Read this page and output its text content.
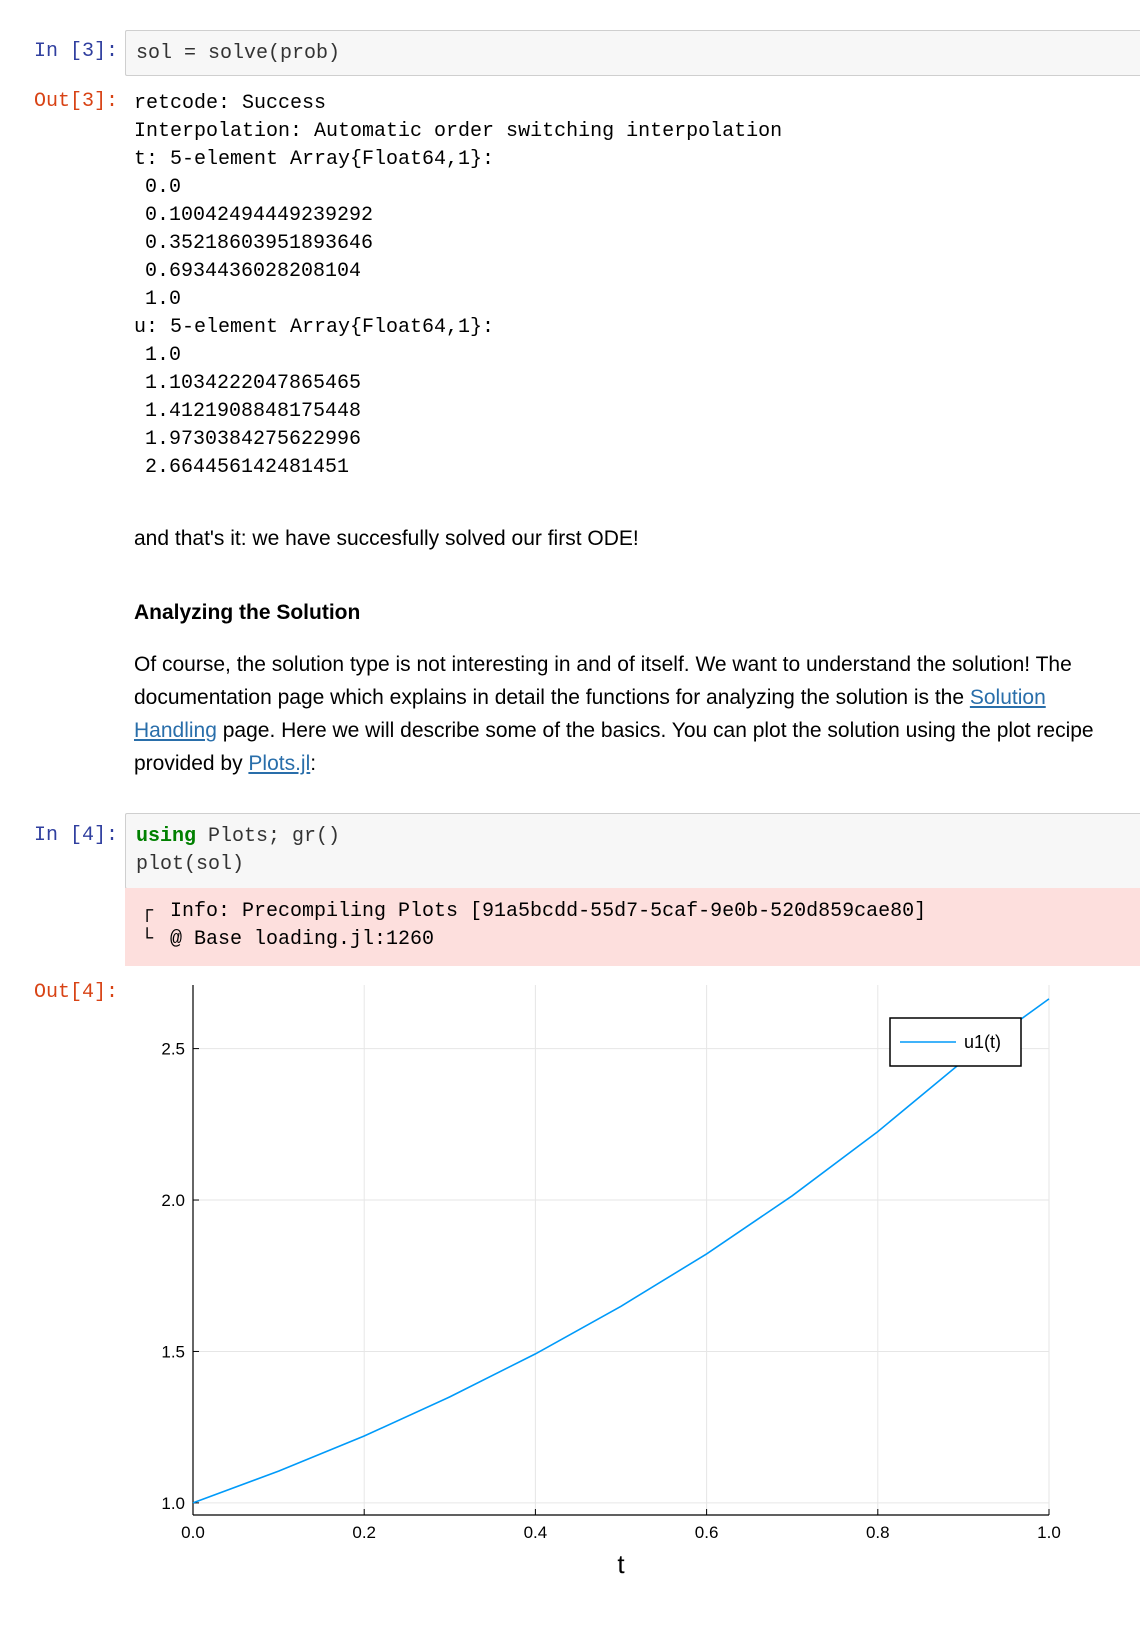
In [3]: sol = solve(prob)
Out[3]: retcode: Success
Interpolation: Automatic order switching interpolation
t: 5-element Array{Float64,1}:
0.0
0.10042494449239292
0.35218603951893646
0.6934436028208104
1.0
u: 5-element Array{Float64,1}:
1.0
1.1034222047865465
1.4121908848175448
1.9730384275622996
2.664456142481451
and that's it: we have succesfully solved our first ODE!
Analyzing the Solution
Of course, the solution type is not interesting in and of itself. We want to understand the solution! The documentation page which explains in detail the functions for analyzing the solution is the Solution Handling page. Here we will describe some of the basics. You can plot the solution using the plot recipe provided by Plots.jl:
In [4]: using Plots; gr()
plot(sol)
┌ Info: Precompiling Plots [91a5bcdd-55d7-5caf-9e0b-520d859cae80]
└ @ Base loading.jl:1260
Out[4]:
t
0.0	0.2	0.4	0.6	0.8	1.0
1.0
1.5
2.0
2.5	u1(t)
